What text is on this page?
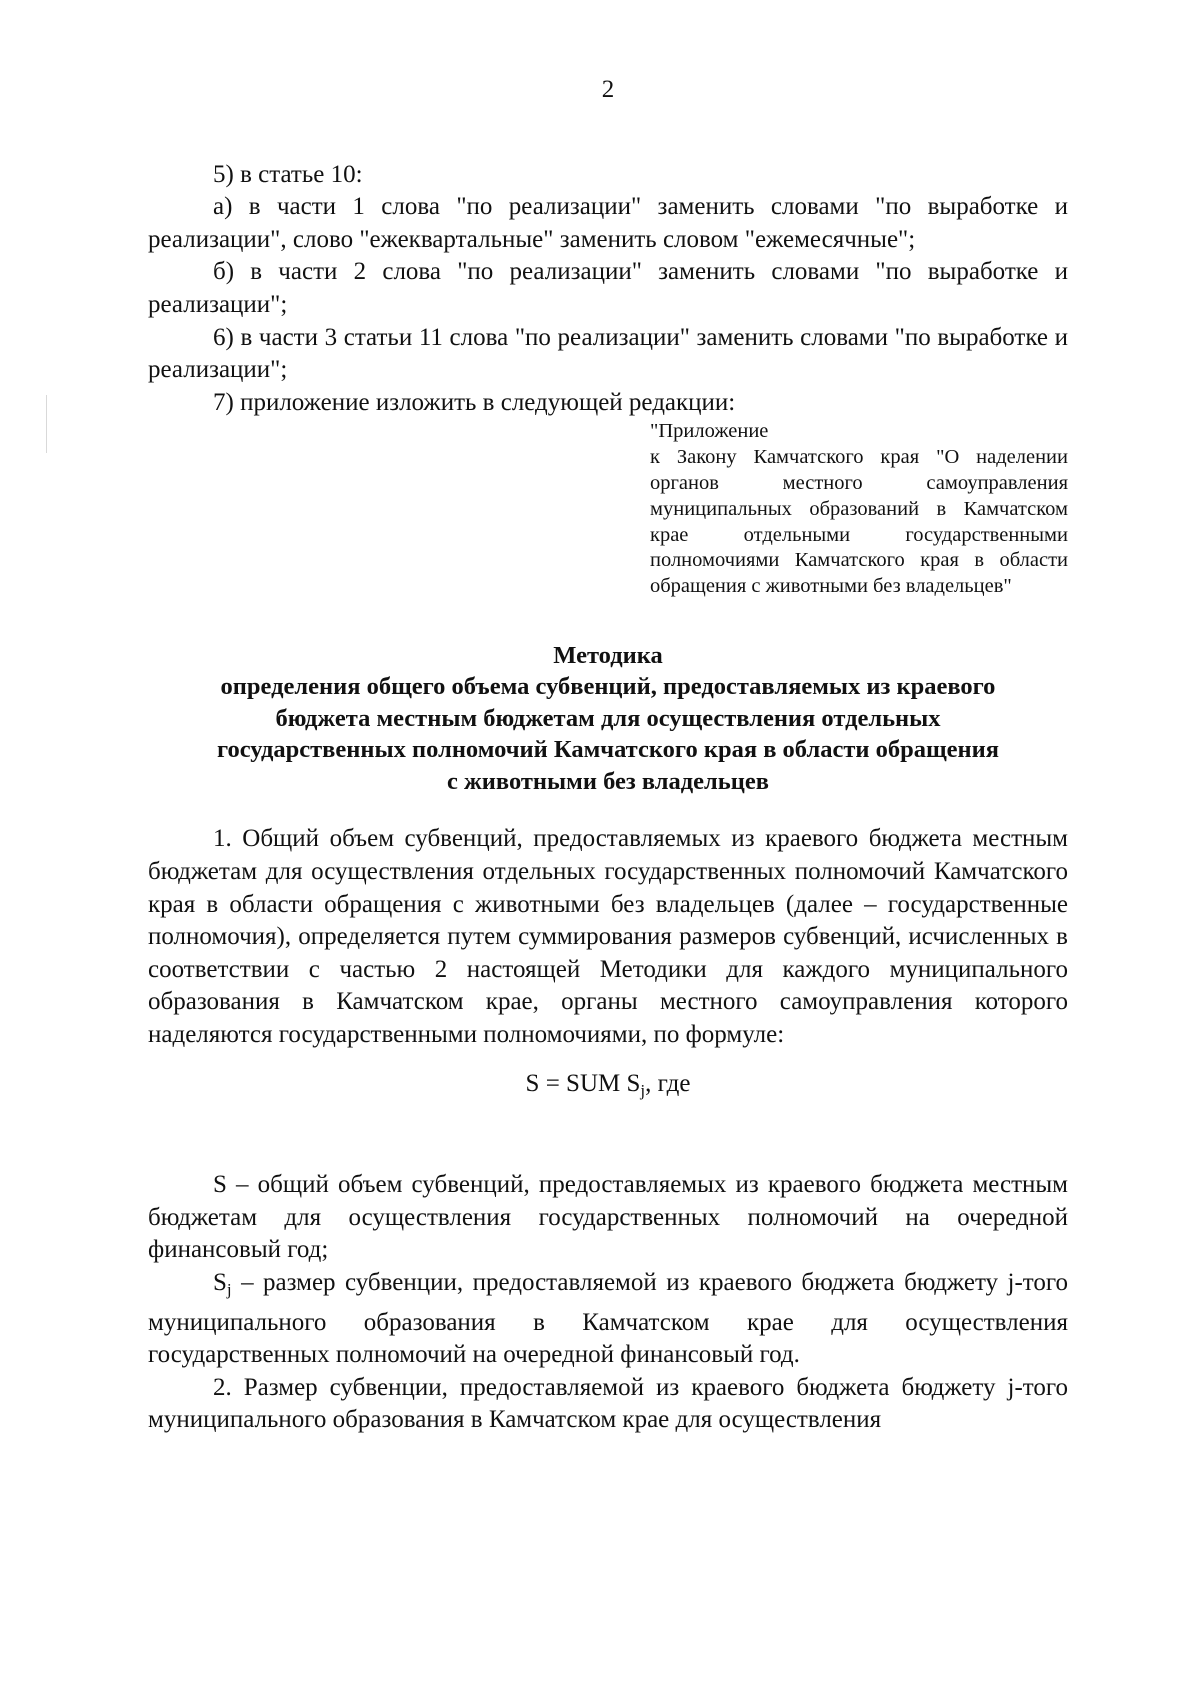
2

5) в статье 10:

а) в части 1 слова "по реализации" заменить словами "по выработке и реализации", слово "ежеквартальные" заменить словом "ежемесячные";

б) в части 2 слова "по реализации" заменить словами "по выработке и реализации";

6) в части 3 статьи 11 слова "по реализации" заменить словами "по выработке и реализации";

7) приложение изложить в следующей редакции:

"Приложение

к Закону Камчатского края "О наделении органов местного самоуправления муниципальных образований в Камчатском крае отдельными государственными полномочиями Камчатского края в области обращения с животными без владельцев"

Методика
определения общего объема субвенций, предоставляемых из краевого
бюджета местным бюджетам для осуществления отдельных
государственных полномочий Камчатского края в области обращения
с животными без владельцев

1. Общий объем субвенций, предоставляемых из краевого бюджета местным бюджетам для осуществления отдельных государственных полномочий Камчатского края в области обращения с животными без владельцев (далее – государственные полномочия), определяется путем суммирования размеров субвенций, исчисленных в соответствии с частью 2 настоящей Методики для каждого муниципального образования в Камчатском крае, органы местного самоуправления которого наделяются государственными полномочиями, по формуле:

S = SUM $S_j$, где

S – общий объем субвенций, предоставляемых из краевого бюджета местным бюджетам для осуществления государственных полномочий на очередной финансовый год;

$S_j$ – размер субвенции, предоставляемой из краевого бюджета бюджету j-того муниципального образования в Камчатском крае для осуществления государственных полномочий на очередной финансовый год.

2. Размер субвенции, предоставляемой из краевого бюджета бюджету j-того муниципального образования в Камчатском крае для осуществления
